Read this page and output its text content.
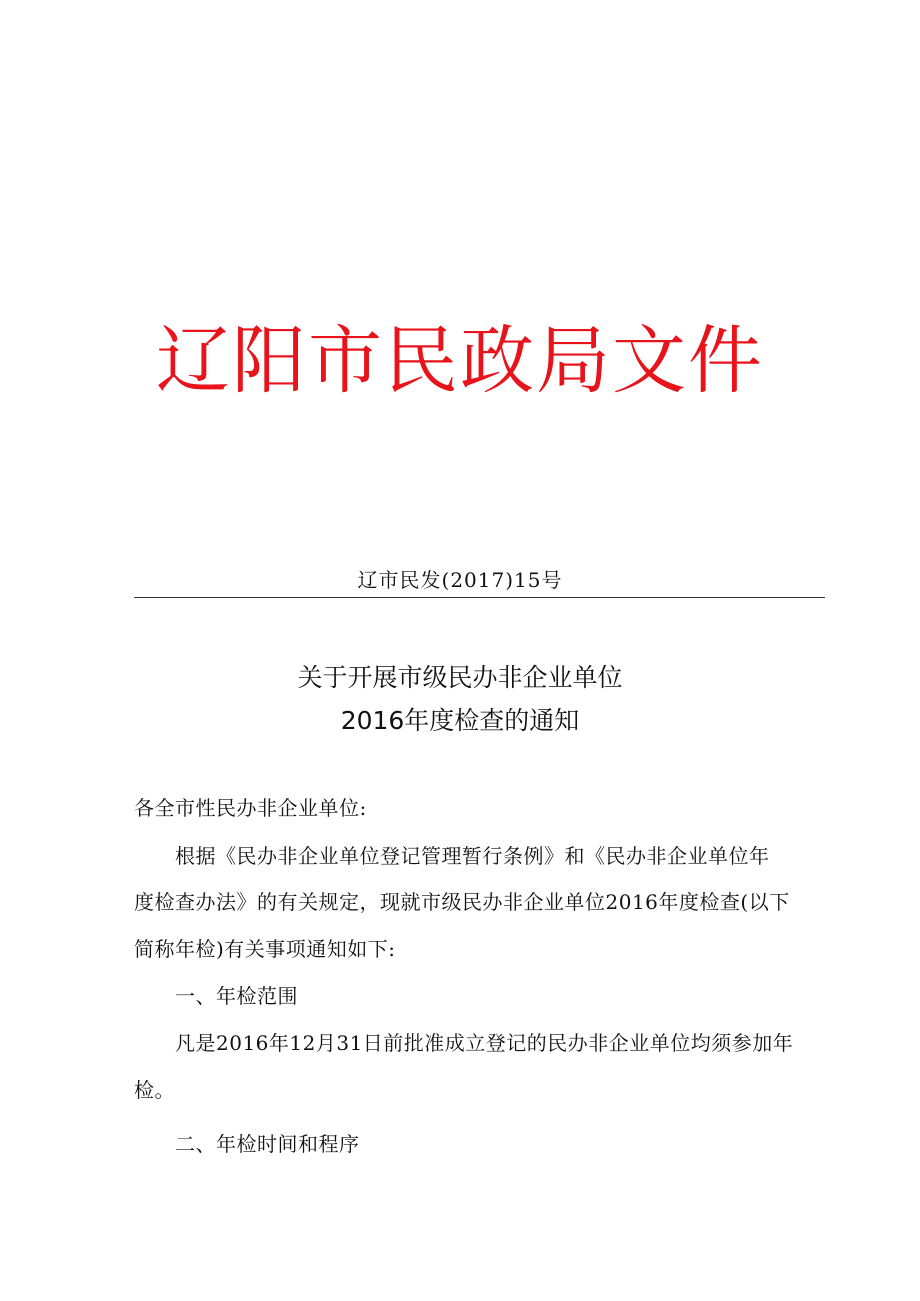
辽阳市民政局文件
辽市民发(2017)15号
关于开展市级民办非企业单位
2016年度检查的通知
各全市性民办非企业单位:
　　根据《民办非企业单位登记管理暂行条例》和《民办非企业单位年
度检查办法》的有关规定，现就市级民办非企业单位2016年度检查(以下
简称年检)有关事项通知如下:
　　一、年检范围
　　凡是2016年12月31日前批准成立登记的民办非企业单位均须参加年
检。
　　二、年检时间和程序
